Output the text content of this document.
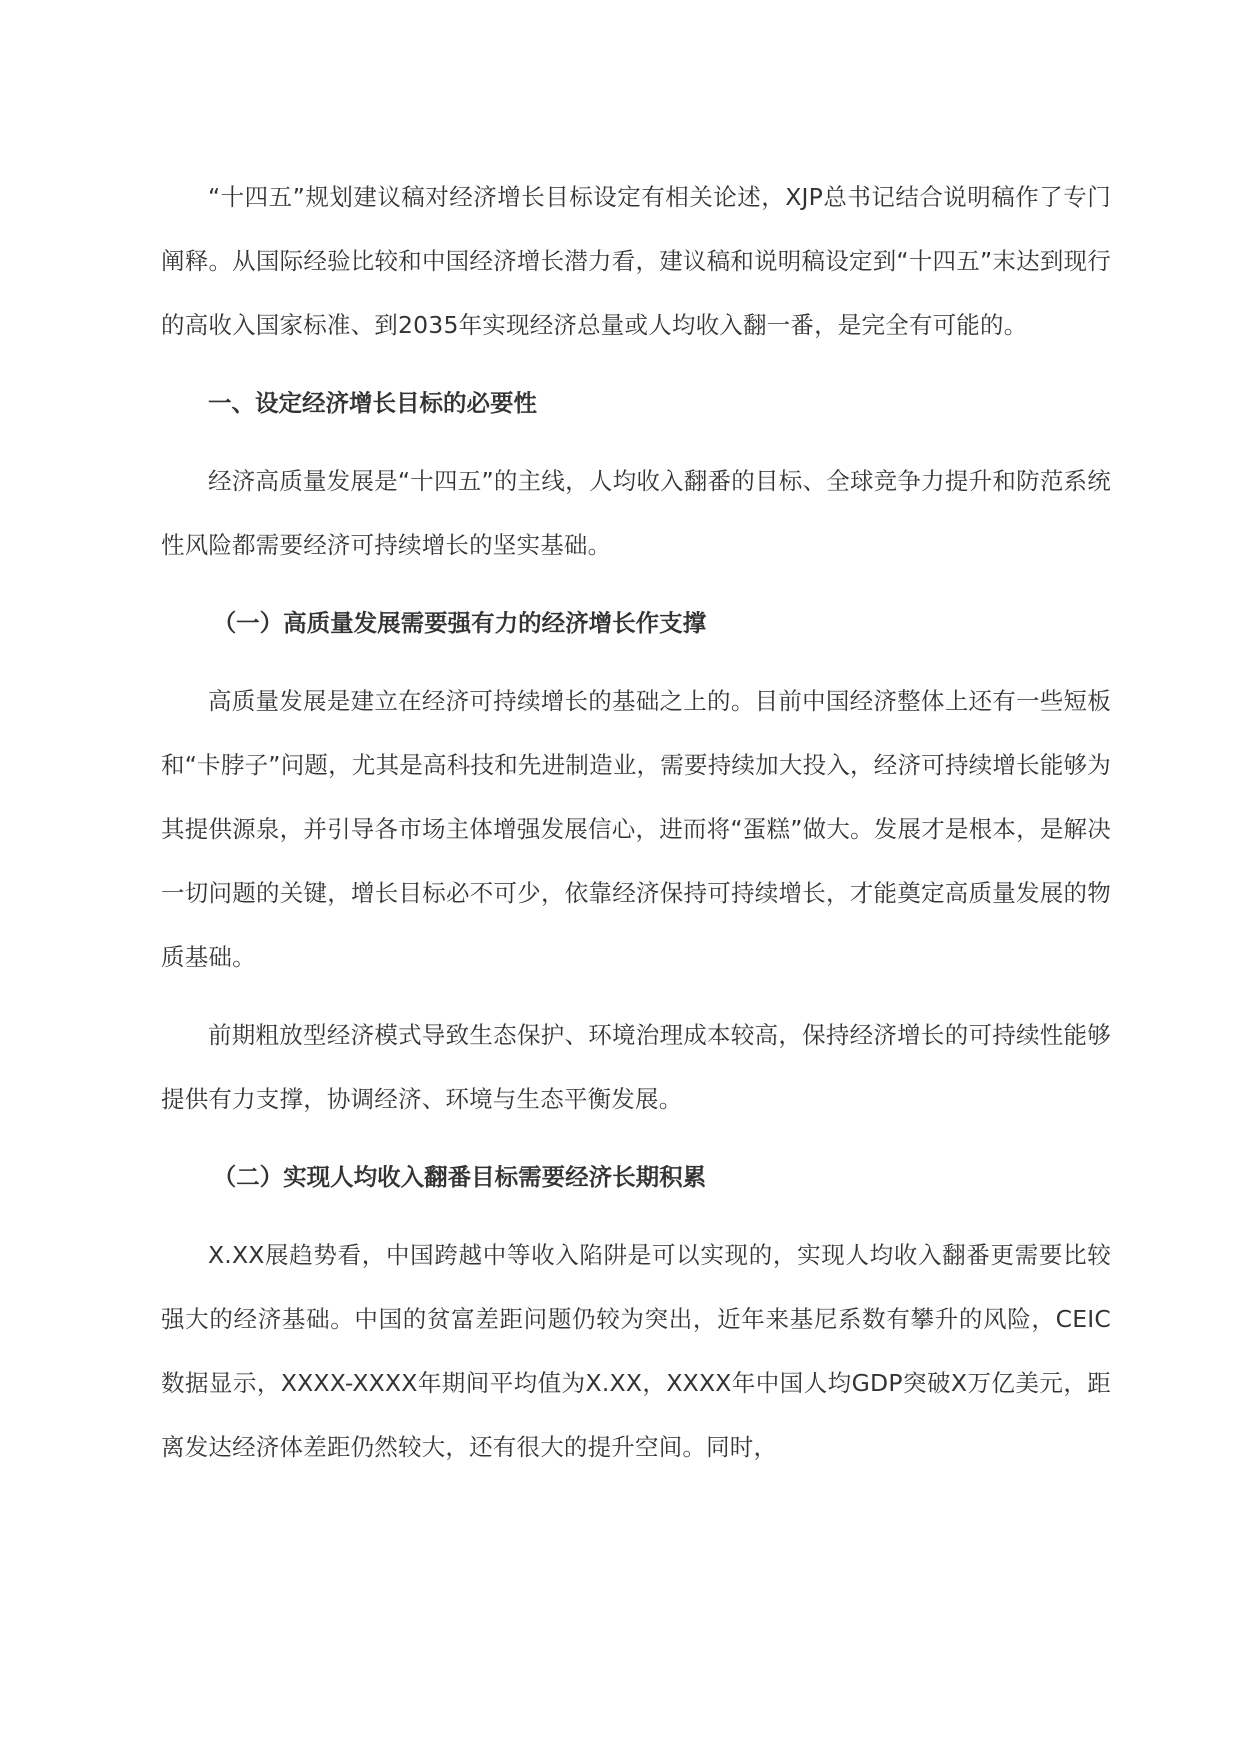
“十四五”规划建议稿对经济增长目标设定有相关论述，XJP总书记结合说明稿作了专门阐释。从国际经验比较和中国经济增长潜力看，建议稿和说明稿设定到“十四五”末达到现行的高收入国家标准、到2035年实现经济总量或人均收入翻一番，是完全有可能的。

一、设定经济增长目标的必要性

经济高质量发展是“十四五”的主线，人均收入翻番的目标、全球竞争力提升和防范系统性风险都需要经济可持续增长的坚实基础。

（一）高质量发展需要强有力的经济增长作支撑

高质量发展是建立在经济可持续增长的基础之上的。目前中国经济整体上还有一些短板和“卡脖子”问题，尤其是高科技和先进制造业，需要持续加大投入，经济可持续增长能够为其提供源泉，并引导各市场主体增强发展信心，进而将“蛋糕”做大。发展才是根本，是解决一切问题的关键，增长目标必不可少，依靠经济保持可持续增长，才能奠定高质量发展的物质基础。

前期粗放型经济模式导致生态保护、环境治理成本较高，保持经济增长的可持续性能够提供有力支撑，协调经济、环境与生态平衡发展。

（二）实现人均收入翻番目标需要经济长期积累

X.XX展趋势看，中国跨越中等收入陷阱是可以实现的，实现人均收入翻番更需要比较强大的经济基础。中国的贫富差距问题仍较为突出，近年来基尼系数有攀升的风险，CEIC数据显示，XXXX-XXXX年期间平均值为X.XX，XXXX年中国人均GDP突破X万亿美元，距离发达经济体差距仍然较大，还有很大的提升空间。同时，
